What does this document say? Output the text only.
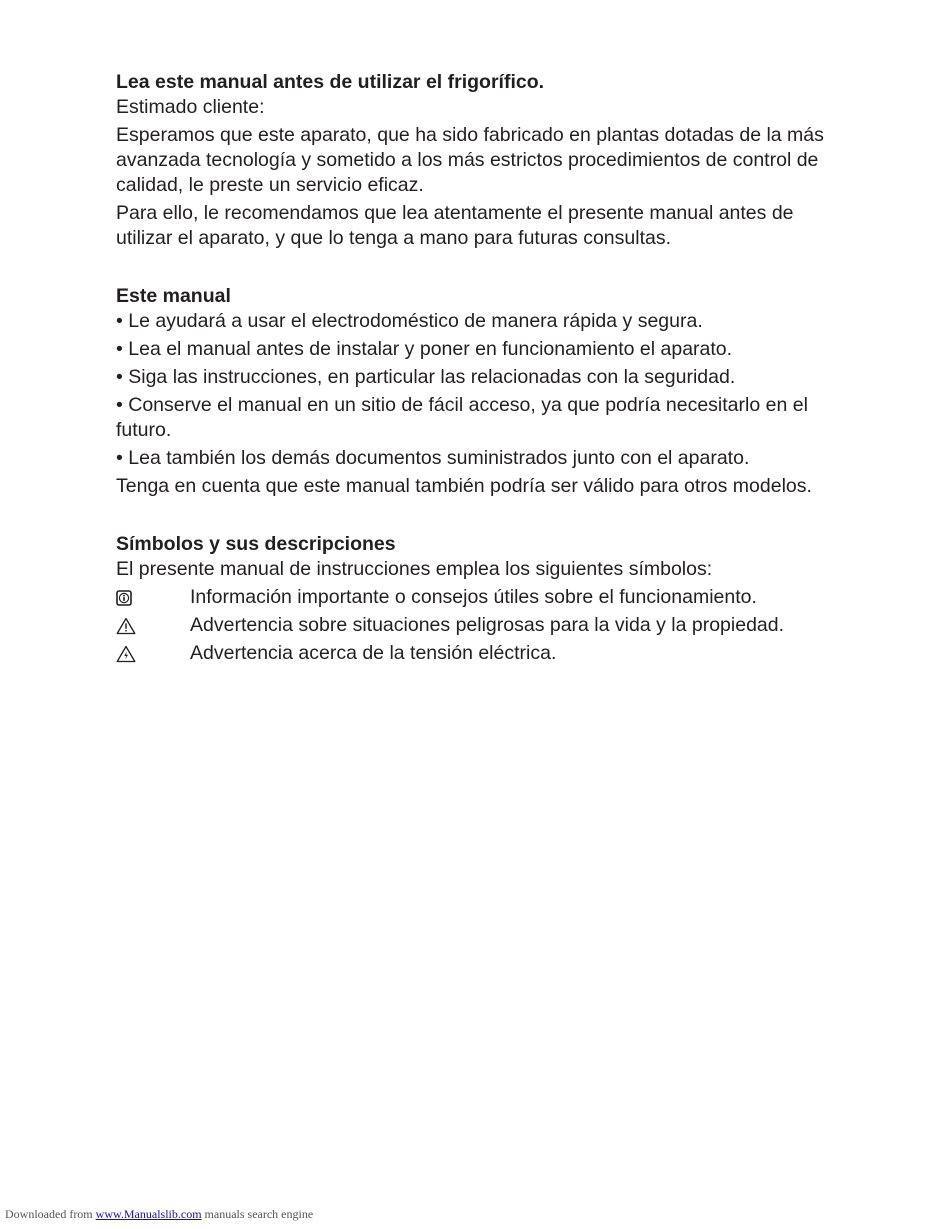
Lea este manual antes de utilizar el frigorífico.

Estimado cliente:

Esperamos que este aparato, que ha sido fabricado en plantas dotadas de la más avanzada tecnología y sometido a los más estrictos procedimientos de control de calidad, le preste un servicio eficaz.

Para ello, le recomendamos que lea atentamente el presente manual antes de utilizar el aparato, y que lo tenga a mano para futuras consultas.

Este manual

• Le ayudará a usar el electrodoméstico de manera rápida y segura.
• Lea el manual antes de instalar y poner en funcionamiento el aparato.
• Siga las instrucciones, en particular las relacionadas con la seguridad.
• Conserve el manual en un sitio de fácil acceso, ya que podría necesitarlo en el futuro.
• Lea también los demás documentos suministrados junto con el aparato.

Tenga en cuenta que este manual también podría ser válido para otros modelos.

Símbolos y sus descripciones

El presente manual de instrucciones emplea los siguientes símbolos:

Información importante o consejos útiles sobre el funcionamiento.
Advertencia sobre situaciones peligrosas para la vida y la propiedad.
Advertencia acerca de la tensión eléctrica.
Downloaded from www.Manualslib.com manuals search engine
